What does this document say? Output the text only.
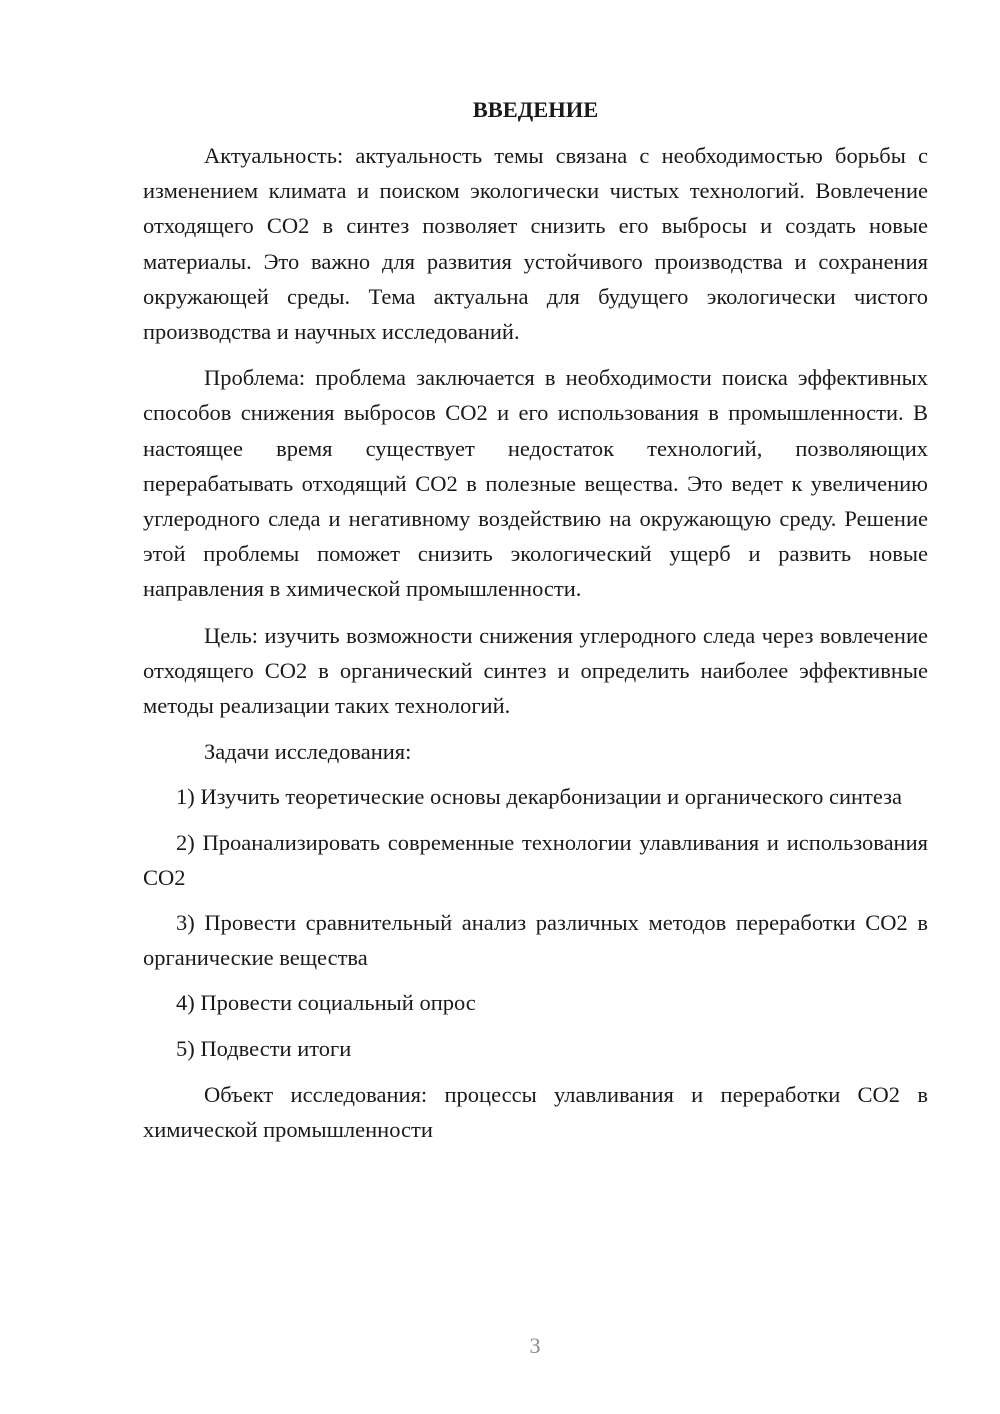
ВВЕДЕНИЕ

Актуальность: актуальность темы связана с необходимостью борьбы с изменением климата и поиском экологически чистых технологий. Вовлечение отходящего СО2 в синтез позволяет снизить его выбросы и создать новые материалы. Это важно для развития устойчивого производства и сохранения окружающей среды. Тема актуальна для будущего экологически чистого производства и научных исследований.

Проблема: проблема заключается в необходимости поиска эффективных способов снижения выбросов СО2 и его использования в промышленности. В настоящее время существует недостаток технологий, позволяющих перерабатывать отходящий СО2 в полезные вещества. Это ведет к увеличению углеродного следа и негативному воздействию на окружающую среду. Решение этой проблемы поможет снизить экологический ущерб и развить новые направления в химической промышленности.

Цель: изучить возможности снижения углеродного следа через вовлечение отходящего СО2 в органический синтез и определить наиболее эффективные методы реализации таких технологий.

Задачи исследования:

1) Изучить теоретические основы декарбонизации и органического синтеза

2) Проанализировать современные технологии улавливания и использования СО2

3) Провести сравнительный анализ различных методов переработки СО2 в органические вещества

4) Провести социальный опрос

5) Подвести итоги

Объект исследования: процессы улавливания и переработки СО2 в химической промышленности

3
